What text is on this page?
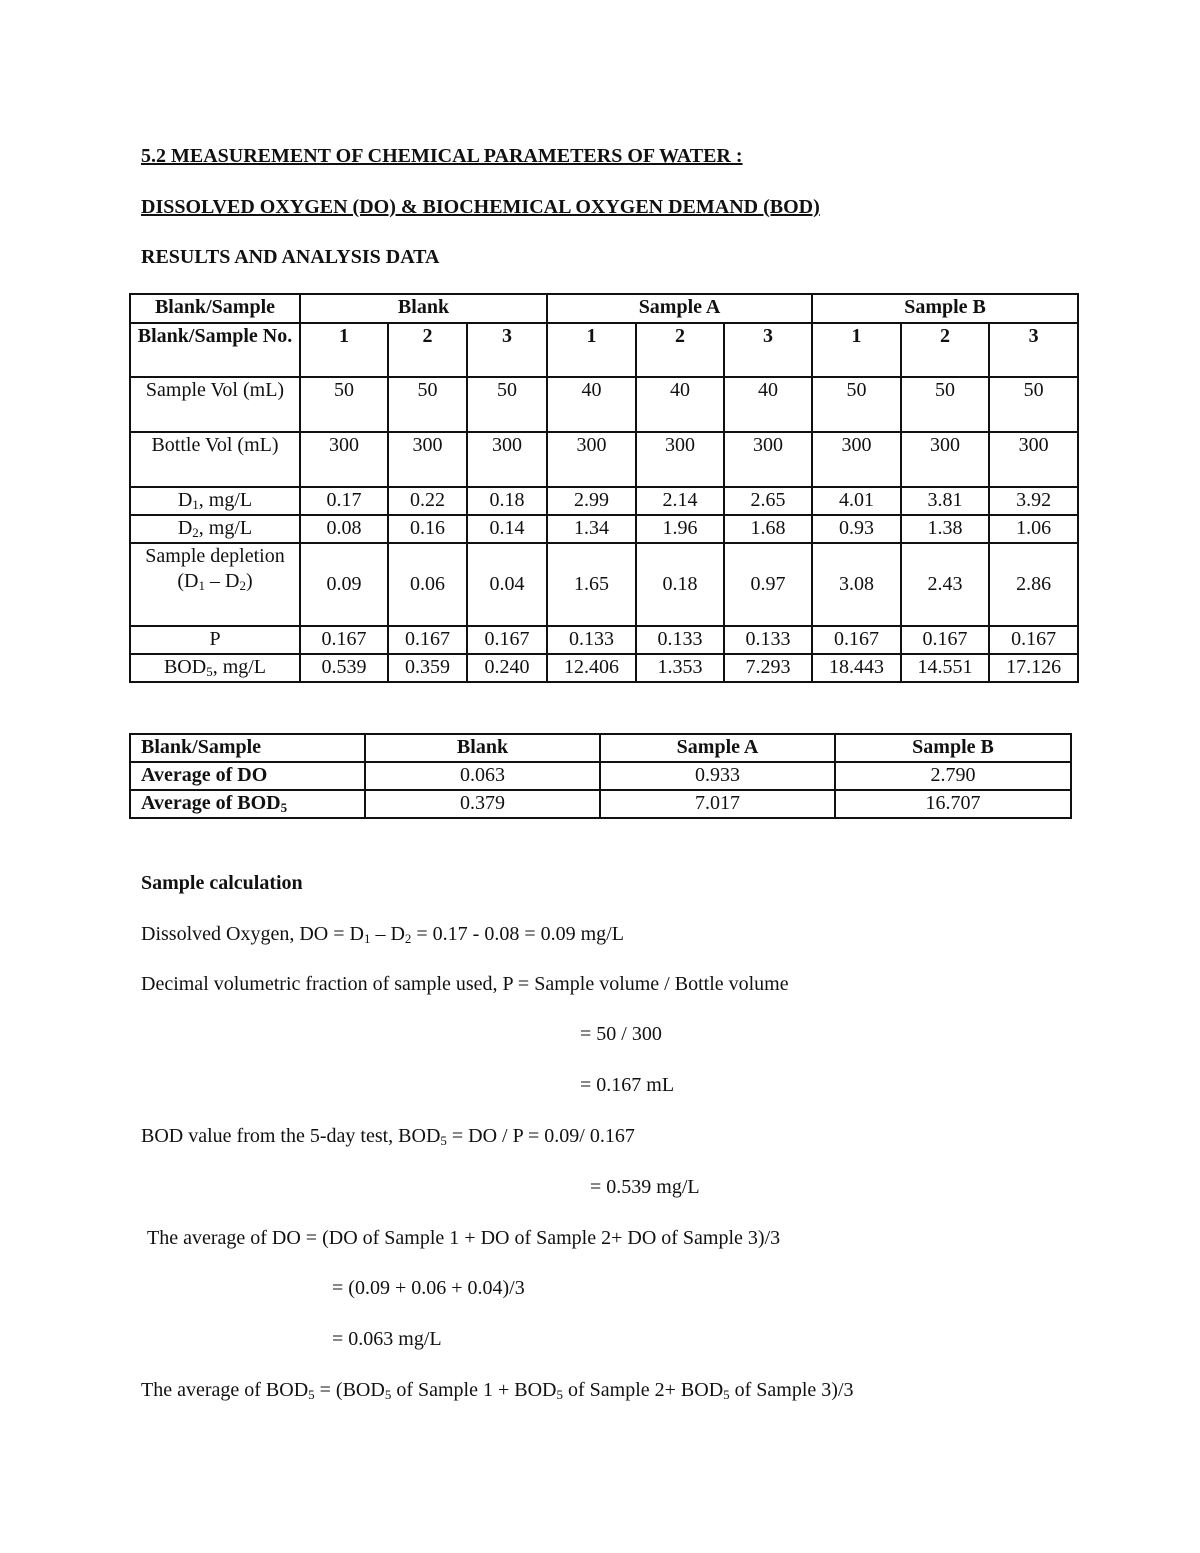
5.2 MEASUREMENT OF CHEMICAL PARAMETERS OF WATER :
DISSOLVED OXYGEN (DO) & BIOCHEMICAL OXYGEN DEMAND (BOD)
RESULTS AND ANALYSIS DATA
Blank/Sample	Blank			Sample A			Sample B		
Blank/Sample No.	1	2	3	1	2	3	1	2	3
Sample Vol (mL)	50	50	50	40	40	40	50	50	50
Bottle Vol (mL)	300	300	300	300	300	300	300	300	300
$D_1$, mg/L	0.17	0.22	0.18	2.99	2.14	2.65	4.01	3.81	3.92
$D_2$, mg/L	0.08	0.16	0.14	1.34	1.96	1.68	0.93	1.38	1.06
Sample depletion $(D_1 - D_2)$	0.09	0.06	0.04	1.65	0.18	0.97	3.08	2.43	2.86
P	0.167	0.167	0.167	0.133	0.133	0.133	0.167	0.167	0.167
$BOD_5$, mg/L	0.539	0.359	0.240	12.406	1.353	7.293	18.443	14.551	17.126
Blank/Sample	Blank	Sample A	Sample B
Average of DO	0.063	0.933	2.790
Average of $BOD_5$	0.379	7.017	16.707
Sample calculation
Dissolved Oxygen, DO = $D_1 - D_2 = 0.17 - 0.08 = 0.09$ mg/L
Decimal volumetric fraction of sample used, P = Sample volume / Bottle volume
= 50 / 300
= 0.167 mL
BOD value from the 5-day test, $BOD_5$ = DO / P = 0.09/ 0.167
= 0.539 mg/L
The average of DO = (DO of Sample 1 + DO of Sample 2+ DO of Sample 3)/3
= (0.09 + 0.06 + 0.04)/3
= 0.063 mg/L
The average of $BOD_5 = (BOD_5$ of Sample $1 + BOD_5$ of Sample $2+ BOD_5$ of Sample 3)/3
